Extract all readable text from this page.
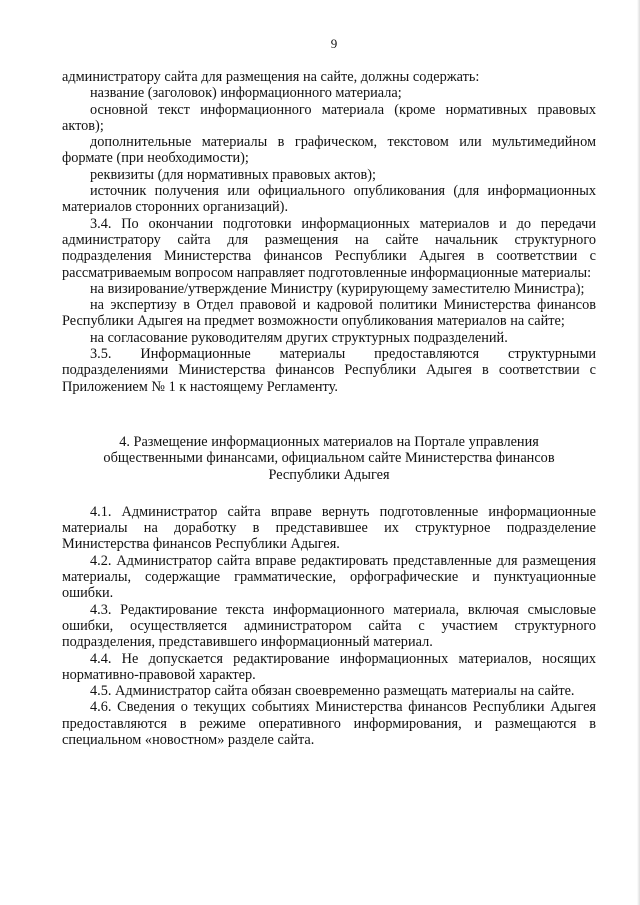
9

администратору сайта для размещения на сайте, должны содержать:

название (заголовок) информационного материала;

основной текст информационного материала (кроме нормативных правовых актов);

дополнительные материалы в графическом, текстовом или мультимедийном формате (при необходимости);

реквизиты (для нормативных правовых актов);

источник получения или официального опубликования (для информационных материалов сторонних организаций).

3.4. По окончании подготовки информационных материалов и до передачи администратору сайта для размещения на сайте начальник структурного подразделения Министерства финансов Республики Адыгея в соответствии с рассматриваемым вопросом направляет подготовленные информационные материалы:

на визирование/утверждение Министру (курирующему заместителю Министра);

на экспертизу в Отдел правовой и кадровой политики Министерства финансов Республики Адыгея на предмет возможности опубликования материалов на сайте;

на согласование руководителям других структурных подразделений.

3.5. Информационные материалы предоставляются структурными подразделениями Министерства финансов Республики Адыгея в соответствии с Приложением № 1 к настоящему Регламенту.

4. Размещение информационных материалов на Портале управления общественными финансами, официальном сайте Министерства финансов Республики Адыгея

4.1. Администратор сайта вправе вернуть подготовленные информационные материалы на доработку в представившее их структурное подразделение Министерства финансов Республики Адыгея.

4.2. Администратор сайта вправе редактировать представленные для размещения материалы, содержащие грамматические, орфографические и пунктуационные ошибки.

4.3. Редактирование текста информационного материала, включая смысловые ошибки, осуществляется администратором сайта с участием структурного подразделения, представившего информационный материал.

4.4. Не допускается редактирование информационных материалов, носящих нормативно-правовой характер.

4.5. Администратор сайта обязан своевременно размещать материалы на сайте.

4.6. Сведения о текущих событиях Министерства финансов Республики Адыгея предоставляются в режиме оперативного информирования, и размещаются в специальном «новостном» разделе сайта.
